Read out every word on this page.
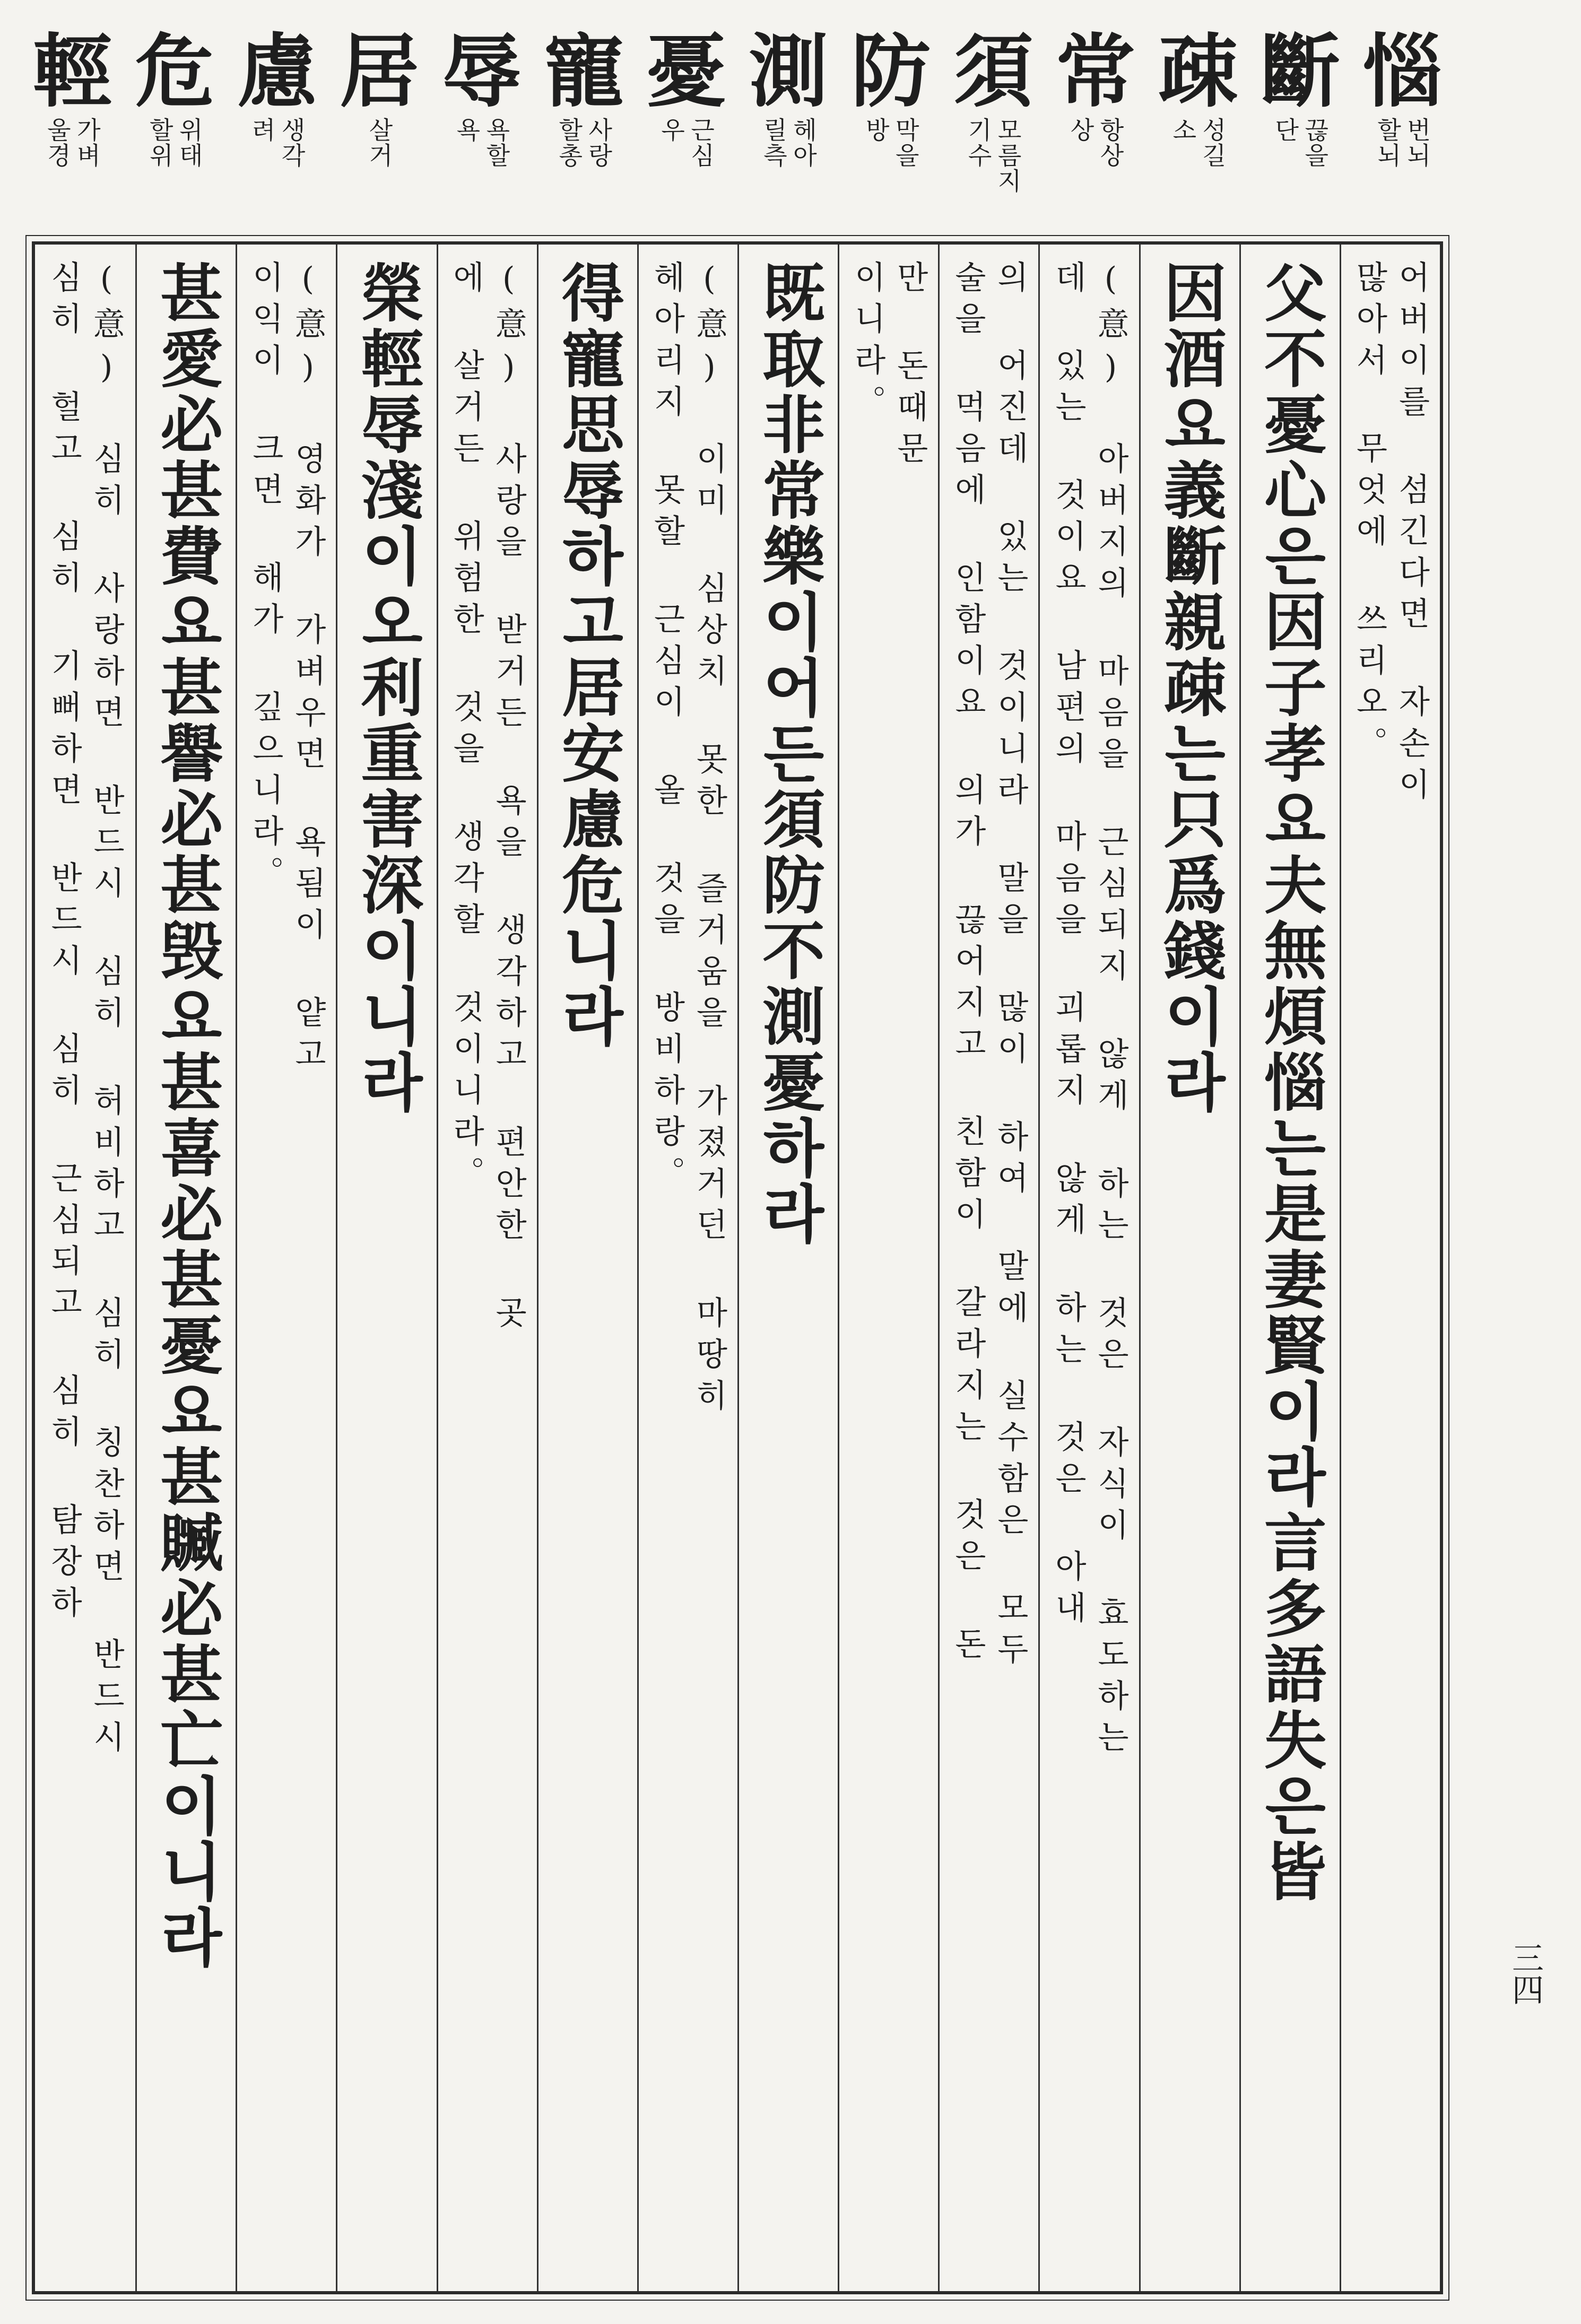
惱
번뇌
할뇌
斷
끊을
단
疎
성길
소
常
항상
상
須
모름지
기수
防
막을
방
測
헤아
릴측
憂
근심
우
寵
사랑
할총
辱
욕할
욕
居
살거
慮
생각
려
危
위태
할위
輕
가벼
울경
어버이를 섬긴다면 자손이
많아서 무엇에 쓰리오。
父不憂心은因子孝요夫無煩惱는是妻賢이라言多語失은皆
因酒요義斷親疎는只爲錢이라
(意) 아버지의 마음을 근심되지 않게 하는 것은 자식이 효도하는
데 있는 것이요 남편의 마음을 괴롭지 않게 하는 것은 아내
의 어진데 있는 것이니라 말을 많이 하여 말에 실수함은 모두
술을 먹음에 인함이요 의가 끊어지고 친함이 갈라지는 것은 돈
만 돈때문
이니라。
既取非常樂이어든須防不測憂하라
(意) 이미 심상치 못한 즐거움을 가졌거던 마땅히
헤아리지 못할 근심이 올 것을 방비하랑。
得寵思辱하고居安慮危니라
(意) 사랑을 받거든 욕을 생각하고 편안한 곳
에 살거든 위험한 것을 생각할 것이니라。
榮輕辱淺이오利重害深이니라
(意) 영화가 가벼우면 욕됨이 얕고
이익이 크면 해가 깊으니라。
甚愛必甚費요甚譽必甚毁요甚喜必甚憂요甚贓必甚亡이니라
(意) 심히 사랑하면 반드시 심히 허비하고 심히 칭찬하면 반드시
심히 헐고 심히 기뻐하면 반드시 심히 근심되고 심히 탐장하
三四
